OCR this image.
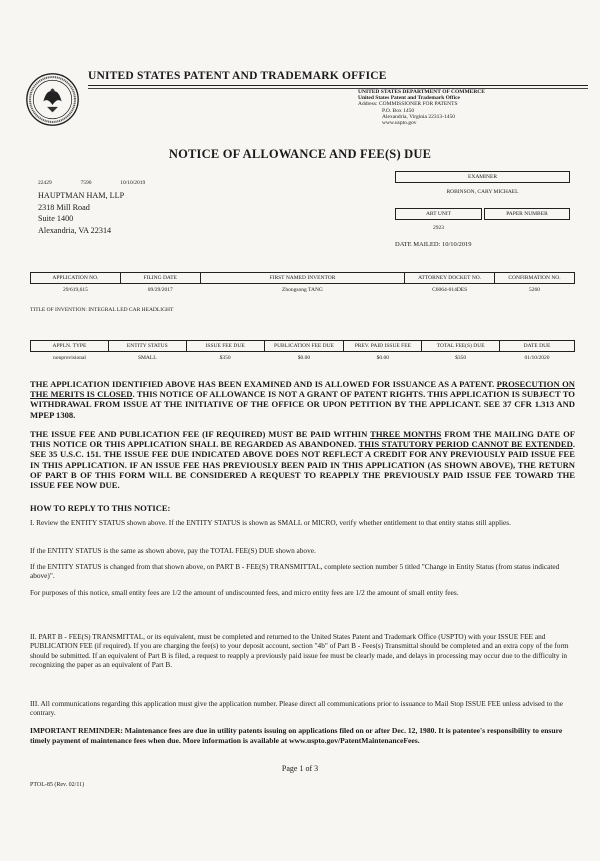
UNITED STATES PATENT AND TRADEMARK OFFICE
UNITED STATES DEPARTMENT OF COMMERCE
United States Patent and Trademark Office
Address: COMMISSIONER FOR PATENTS
P.O. Box 1450
Alexandria, Virginia 22313-1450
www.uspto.gov
NOTICE OF ALLOWANCE AND FEE(S) DUE
22429	7590	10/10/2019
HAUPTMAN HAM, LLP
2318 Mill Road
Suite 1400
Alexandria, VA 22314
EXAMINER
ROBINSON, CARY MICHAEL
ART UNIT	PAPER NUMBER
2923
DATE MAILED: 10/10/2019
APPLICATION NO.	FILING DATE	FIRST NAMED INVENTOR	ATTORNEY DOCKET NO.	CONFIRMATION NO.
29/619,615	09/29/2017	Zhongsong TANG	C6064-014DES	5260
TITLE OF INVENTION: INTEGRAL LED CAR HEADLIGHT
APPLN. TYPE	ENTITY STATUS	ISSUE FEE DUE	PUBLICATION FEE DUE	PREV. PAID ISSUE FEE	TOTAL FEE(S) DUE	DATE DUE
nonprovisional	SMALL	$350	$0.00	$0.00	$350	01/10/2020
THE APPLICATION IDENTIFIED ABOVE HAS BEEN EXAMINED AND IS ALLOWED FOR ISSUANCE AS A PATENT. PROSECUTION ON THE MERITS IS CLOSED. THIS NOTICE OF ALLOWANCE IS NOT A GRANT OF PATENT RIGHTS. THIS APPLICATION IS SUBJECT TO WITHDRAWAL FROM ISSUE AT THE INITIATIVE OF THE OFFICE OR UPON PETITION BY THE APPLICANT. SEE 37 CFR 1.313 AND MPEP 1308.
THE ISSUE FEE AND PUBLICATION FEE (IF REQUIRED) MUST BE PAID WITHIN THREE MONTHS FROM THE MAILING DATE OF THIS NOTICE OR THIS APPLICATION SHALL BE REGARDED AS ABANDONED. THIS STATUTORY PERIOD CANNOT BE EXTENDED. SEE 35 U.S.C. 151. THE ISSUE FEE DUE INDICATED ABOVE DOES NOT REFLECT A CREDIT FOR ANY PREVIOUSLY PAID ISSUE FEE IN THIS APPLICATION. IF AN ISSUE FEE HAS PREVIOUSLY BEEN PAID IN THIS APPLICATION (AS SHOWN ABOVE), THE RETURN OF PART B OF THIS FORM WILL BE CONSIDERED A REQUEST TO REAPPLY THE PREVIOUSLY PAID ISSUE FEE TOWARD THE ISSUE FEE NOW DUE.
HOW TO REPLY TO THIS NOTICE:
I. Review the ENTITY STATUS shown above. If the ENTITY STATUS is shown as SMALL or MICRO, verify whether entitlement to that entity status still applies.
If the ENTITY STATUS is the same as shown above, pay the TOTAL FEE(S) DUE shown above.
If the ENTITY STATUS is changed from that shown above, on PART B - FEE(S) TRANSMITTAL, complete section number 5 titled "Change in Entity Status (from status indicated above)".
For purposes of this notice, small entity fees are 1/2 the amount of undiscounted fees, and micro entity fees are 1/2 the amount of small entity fees.
II. PART B - FEE(S) TRANSMITTAL, or its equivalent, must be completed and returned to the United States Patent and Trademark Office (USPTO) with your ISSUE FEE and PUBLICATION FEE (if required). If you are charging the fee(s) to your deposit account, section "4b" of Part B - Fees(s) Transmittal should be completed and an extra copy of the form should be submitted. If an equivalent of Part B is filed, a request to reapply a previously paid issue fee must be clearly made, and delays in processing may occur due to the difficulty in recognizing the paper as an equivalent of Part B.
III. All communications regarding this application must give the application number. Please direct all communications prior to issuance to Mail Stop ISSUE FEE unless advised to the contrary.
IMPORTANT REMINDER: Maintenance fees are due in utility patents issuing on applications filed on or after Dec. 12, 1980. It is patentee's responsibility to ensure timely payment of maintenance fees when due. More information is available at www.uspto.gov/PatentMaintenanceFees.
Page 1 of 3
PTOL-85 (Rev. 02/11)
